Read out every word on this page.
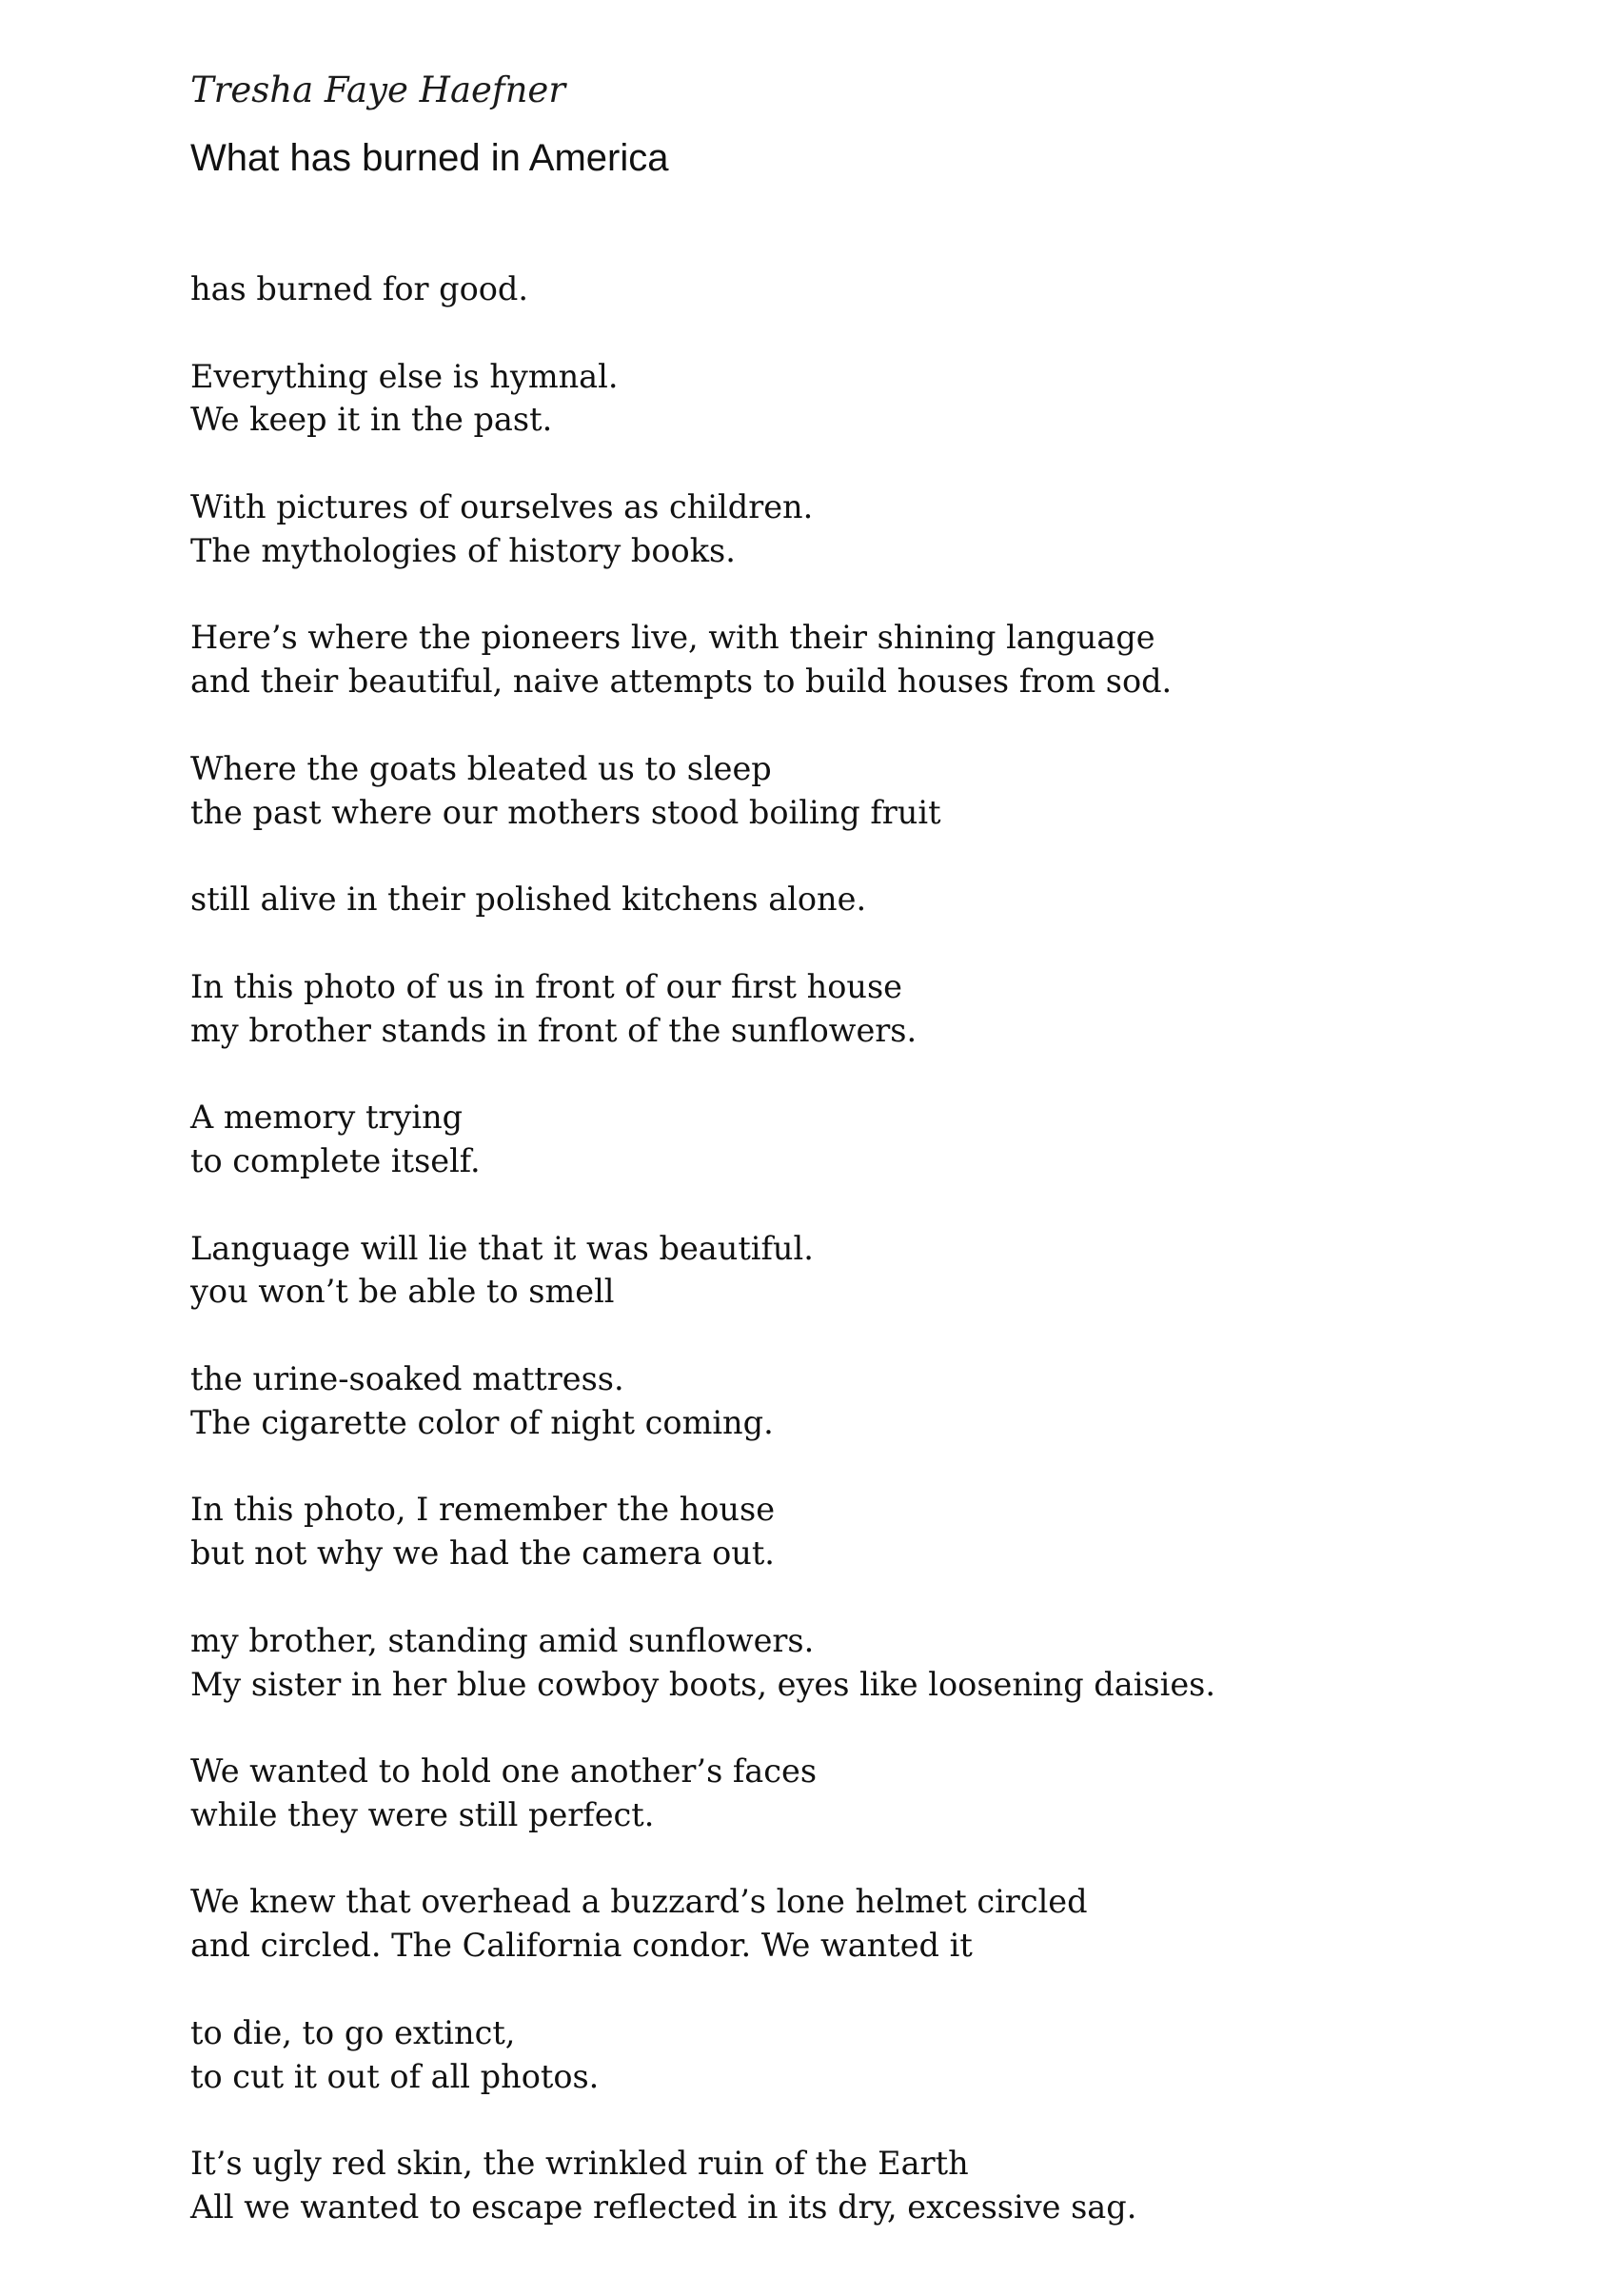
Tresha Faye Haefner

What has burned in America
has burned for good.
Everything else is hymnal.
We keep it in the past.
With pictures of ourselves as children.
The mythologies of history books.
Here’s where the pioneers live, with their shining language
and their beautiful, naive attempts to build houses from sod.
Where the goats bleated us to sleep
the past where our mothers stood boiling fruit
still alive in their polished kitchens alone.
In this photo of us in front of our first house
my brother stands in front of the sunflowers.
A memory trying
to complete itself.
Language will lie that it was beautiful.
you won’t be able to smell
the urine-soaked mattress.
The cigarette color of night coming.
In this photo, I remember the house
but not why we had the camera out.
my brother, standing amid sunflowers.
My sister in her blue cowboy boots, eyes like loosening daisies.
We wanted to hold one another’s faces
while they were still perfect.
We knew that overhead a buzzard’s lone helmet circled
and circled. The California condor. We wanted it
to die, to go extinct,
to cut it out of all photos.
It’s ugly red skin, the wrinkled ruin of the Earth
All we wanted to escape reflected in its dry, excessive sag.
